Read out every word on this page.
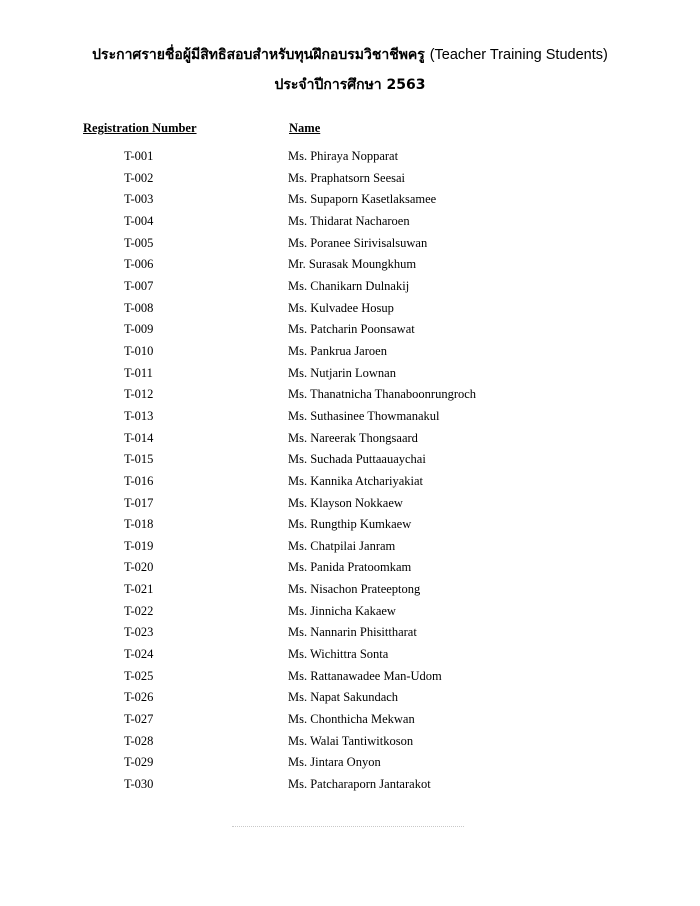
ประกาศรายชื่อผู้มีสิทธิสอบสำหรับทุนฝึกอบรมวิชาชีพครู (Teacher Training Students)
ประจำปีการศึกษา 2563
Registration Number	Name
T-001	Ms. Phiraya Nopparat
T-002	Ms. Praphatsorn Seesai
T-003	Ms. Supaporn Kasetlaksamee
T-004	Ms. Thidarat Nacharoen
T-005	Ms. Poranee Sirivisalsuwan
T-006	Mr. Surasak Moungkhum
T-007	Ms. Chanikarn Dulnakij
T-008	Ms. Kulvadee Hosup
T-009	Ms. Patcharin Poonsawat
T-010	Ms. Pankrua Jaroen
T-011	Ms. Nutjarin Lownan
T-012	Ms. Thanatnicha Thanaboonrungroch
T-013	Ms. Suthasinee Thowmanakul
T-014	Ms. Nareerak Thongsaard
T-015	Ms. Suchada Puttaauaychai
T-016	Ms. Kannika Atchariyakiat
T-017	Ms. Klayson Nokkaew
T-018	Ms. Rungthip Kumkaew
T-019	Ms. Chatpilai Janram
T-020	Ms. Panida Pratoomkam
T-021	Ms. Nisachon Prateeptong
T-022	Ms. Jinnicha Kakaew
T-023	Ms. Nannarin Phisittharat
T-024	Ms. Wichittra Sonta
T-025	Ms. Rattanawadee Man-Udom
T-026	Ms. Napat Sakundach
T-027	Ms. Chonthicha Mekwan
T-028	Ms. Walai Tantiwitkoson
T-029	Ms. Jintara Onyon
T-030	Ms. Patcharaporn Jantarakot
